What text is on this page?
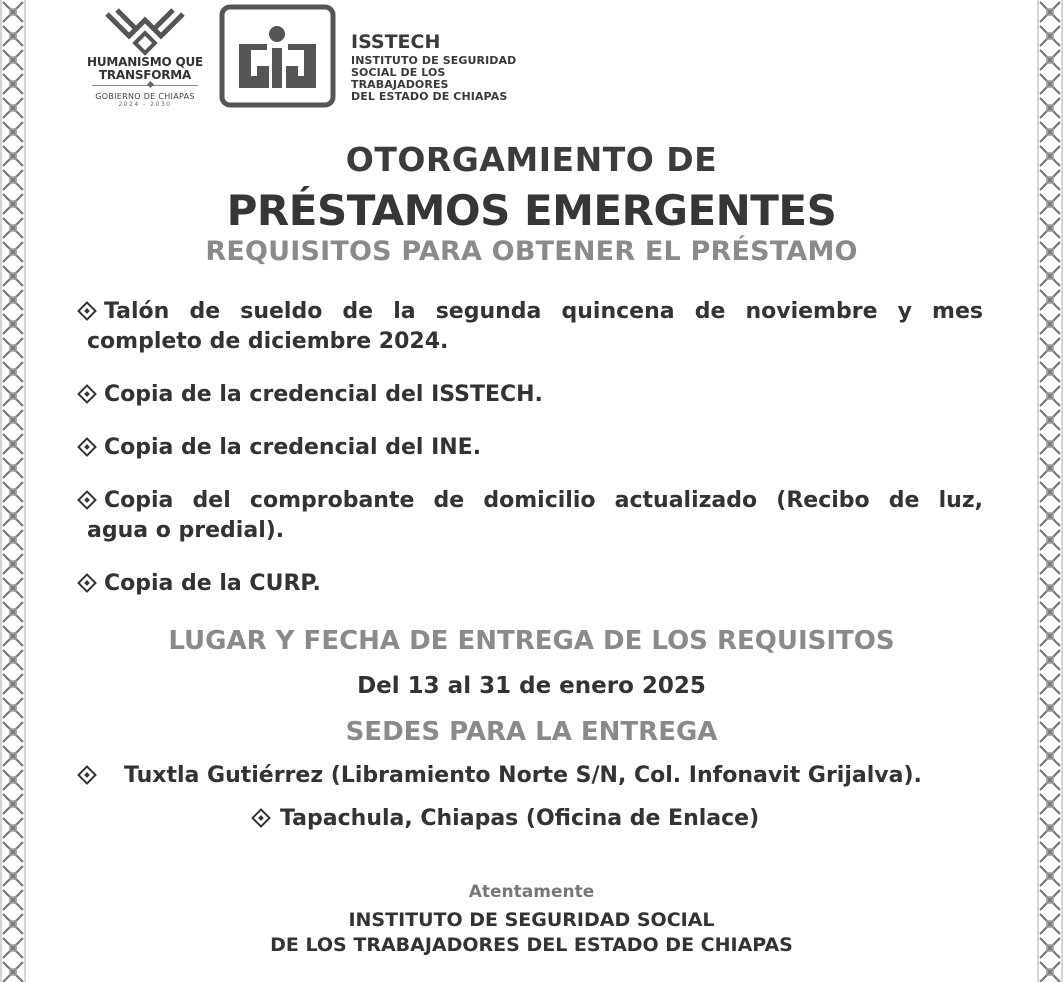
HUMANISMO QUE
TRANSFORMA
GOBIERNO DE CHIAPAS
2024 - 2030
ISSTECH
INSTITUTO DE SEGURIDAD
SOCIAL DE LOS
TRABAJADORES
DEL ESTADO DE CHIAPAS
OTORGAMIENTO DE
PRÉSTAMOS EMERGENTES
REQUISITOS PARA OBTENER EL PRÉSTAMO
Talón de sueldo de la segunda quincena de noviembre y mes
completo de diciembre 2024.
Copia de la credencial del ISSTECH.
Copia de la credencial del INE.
Copia del comprobante de domicilio actualizado (Recibo de luz,
agua o predial).
Copia de la CURP.
LUGAR Y FECHA DE ENTREGA DE LOS REQUISITOS
Del 13 al 31 de enero 2025
SEDES PARA LA ENTREGA
Tuxtla Gutiérrez (Libramiento Norte S/N, Col. Infonavit Grijalva).
Tapachula, Chiapas (Oficina de Enlace)
Atentamente
INSTITUTO DE SEGURIDAD SOCIAL
DE LOS TRABAJADORES DEL ESTADO DE CHIAPAS
